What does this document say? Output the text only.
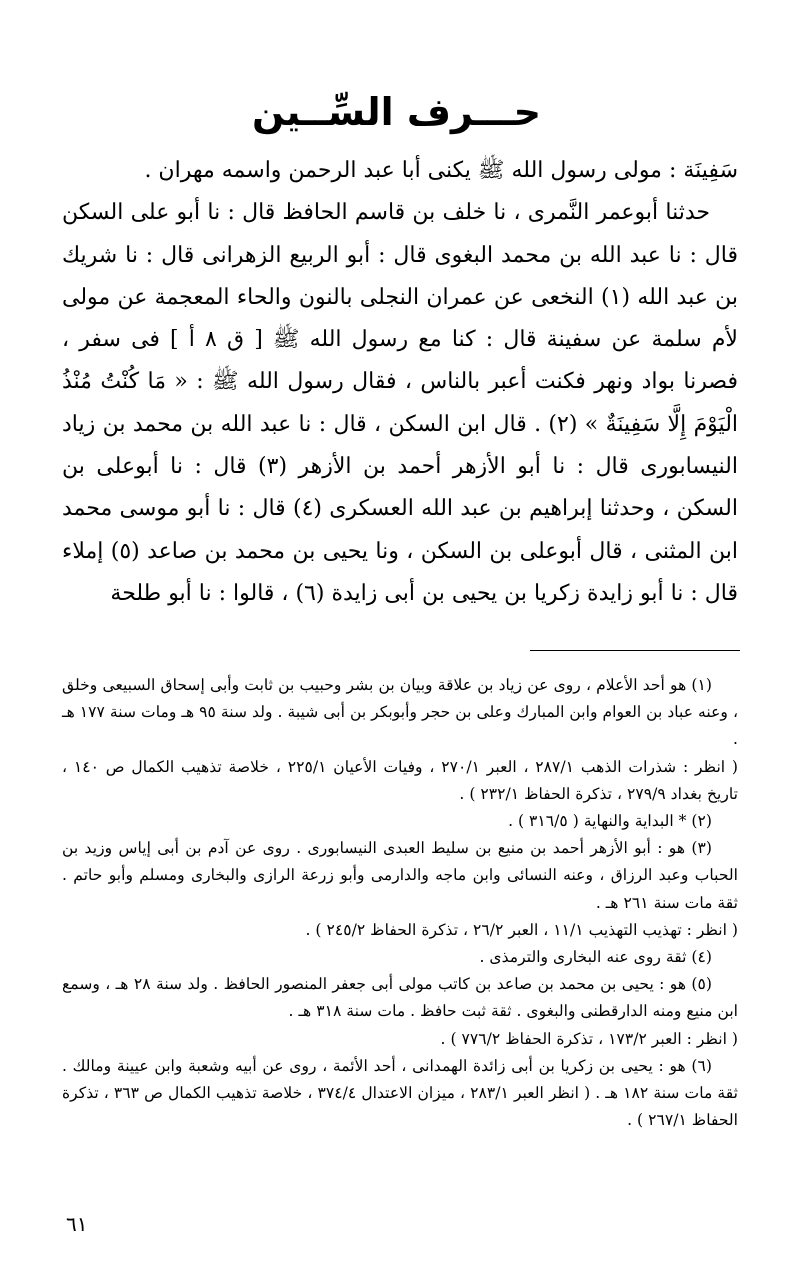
حـــرف السِّــين

سَفِينَة : مولى رسول الله ﷺ يكنى أبا عبد الرحمن واسمه مهران .

حدثنا أبوعمر النَّمرى ، نا خلف بن قاسم الحافظ قال : نا أبو على السكن قال : نا عبد الله بن محمد البغوى قال : أبو الربيع الزهرانى قال : نا شريك بن عبد الله (١) النخعى عن عمران النجلى بالنون والحاء المعجمة عن مولى لأم سلمة عن سفينة قال : كنا مع رسول الله ﷺ [ ق ٨ أ ] فى سفر ، فصرنا بواد ونهر فكنت أعبر بالناس ، فقال رسول الله ﷺ : « مَا كُنْتُ مُنْذُ الْيَوْمَ إِلَّا سَفِينَةٌ » (٢) . قال ابن السكن ، قال : نا عبد الله بن محمد بن زياد النيسابورى قال : نا أبو الأزهر أحمد بن الأزهر (٣) قال : نا أبوعلى بن السكن ، وحدثنا إبراهيم بن عبد الله العسكرى (٤) قال : نا أبو موسى محمد ابن المثنى ، قال أبوعلى بن السكن ، ونا يحيى بن محمد بن صاعد (٥) إملاء قال : نا أبو زايدة زكريا بن يحيى بن أبى زايدة (٦) ، قالوا : نا أبو طلحة

(١) هو أحد الأعلام ، روى عن زياد بن علاقة وبيان بن بشر وحبيب بن ثابت وأبى إسحاق السبيعى وخلق ، وعنه عباد بن العوام وابن المبارك وعلى بن حجر وأبوبكر بن أبى شيبة . ولد سنة ٩٥ هـ ومات سنة ١٧٧ هـ .

( انظر : شذرات الذهب ٢٨٧/١ ، العبر ٢٧٠/١ ، وفيات الأعيان ٢٢٥/١ ، خلاصة تذهيب الكمال ص ١٤٠ ، تاريخ بغداد ٢٧٩/٩ ، تذكرة الحفاظ ٢٣٢/١ ) .

(٢) * البداية والنهاية ( ٣١٦/٥ ) .

(٣) هو : أبو الأزهر أحمد بن منيع بن سليط العبدى النيسابورى . روى عن آدم بن أبى إياس وزيد بن الحباب وعبد الرزاق ، وعنه النسائى وابن ماجه والدارمى وأبو زرعة الرازى والبخارى ومسلم وأبو حاتم . ثقة مات سنة ٢٦١ هـ .

( انظر : تهذيب التهذيب ١١/١ ، العبر ٢٦/٢ ، تذكرة الحفاظ ٢٤٥/٢ ) .

(٤) ثقة روى عنه البخارى والترمذى .

(٥) هو : يحيى بن محمد بن صاعد بن كاتب مولى أبى جعفر المنصور الحافظ . ولد سنة ٢٨ هـ ، وسمع ابن منيع ومنه الدارقطنى والبغوى . ثقة ثبت حافظ . مات سنة ٣١٨ هـ .

( انظر : العبر ١٧٣/٢ ، تذكرة الحفاظ ٧٧٦/٢ ) .

(٦) هو : يحيى بن زكريا بن أبى زائدة الهمدانى ، أحد الأئمة ، روى عن أبيه وشعبة وابن عيينة ومالك . ثقة مات سنة ١٨٢ هـ . ( انظر العبر ٢٨٣/١ ، ميزان الاعتدال ٣٧٤/٤ ، خلاصة تذهيب الكمال ص ٣٦٣ ، تذكرة الحفاظ ٢٦٧/١ ) .

٦١
